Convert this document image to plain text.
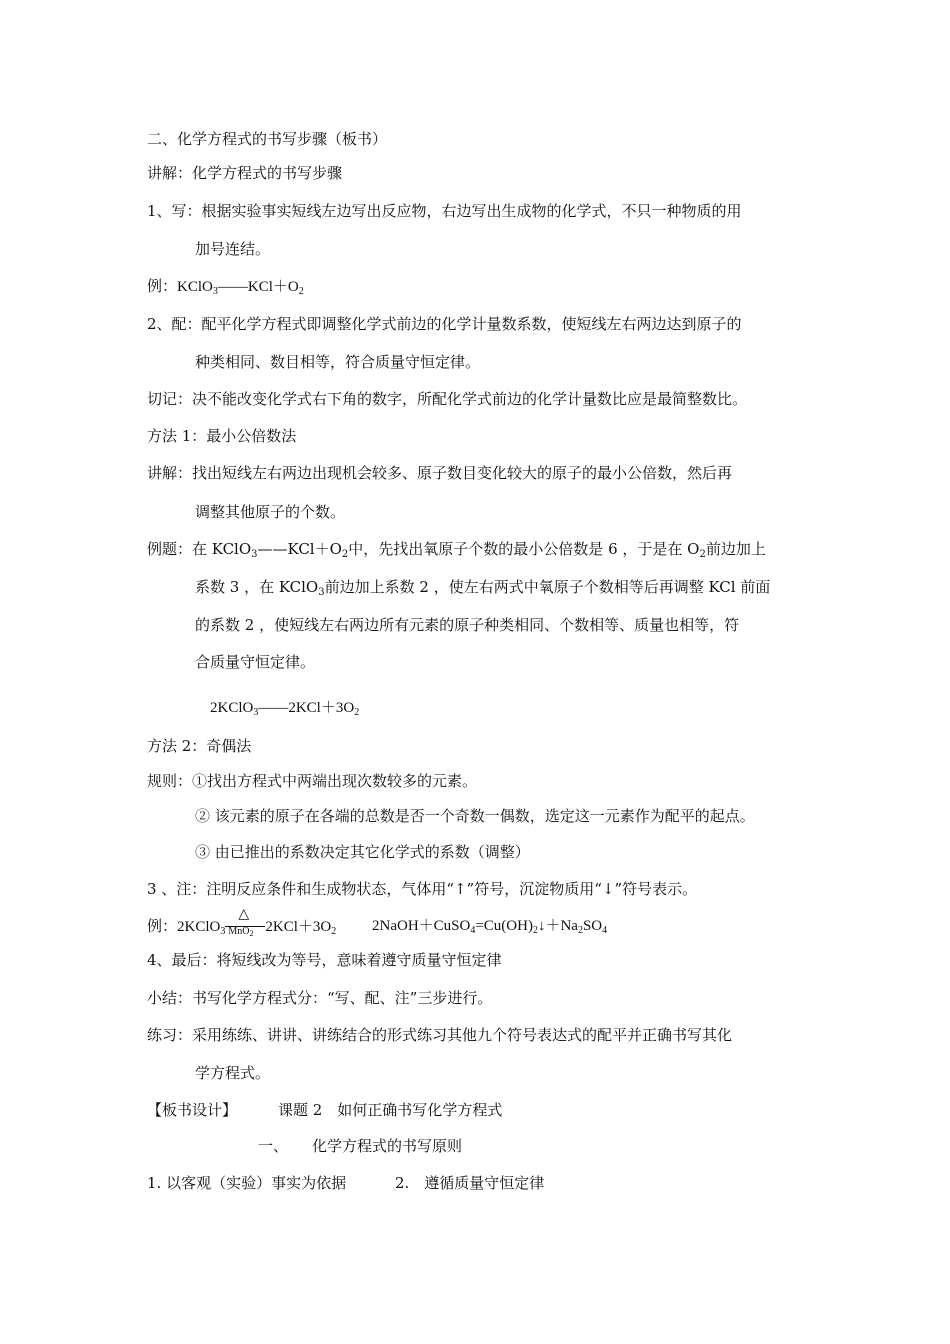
二、化学方程式的书写步骤（板书）
讲解：化学方程式的书写步骤
1、写：根据实验事实短线左边写出反应物，右边写出生成物的化学式，不只一种物质的用
加号连结。
例：$KClO_3——KCl+O_2$
2、配：配平化学方程式即调整化学式前边的化学计量数系数，使短线左右两边达到原子的
种类相同、数目相等，符合质量守恒定律。
切记：决不能改变化学式右下角的数字，所配化学式前边的化学计量数比应是最简整数比。
方法 1：最小公倍数法
讲解：找出短线左右两边出现机会较多、原子数目变化较大的原子的最小公倍数，然后再
调整其他原子的个数。
例题：在 $KClO_3——KCl+O_2$中，先找出氧原子个数的最小公倍数是 6 ，于是在 $O_2$前边加上
系数 3 ，在 KClO$_3$前边加上系数 2 ，使左右两式中氧原子个数相等后再调整 KCl 前面
的系数 2 ，使短线左右两边所有元素的原子种类相同、个数相等、质量也相等，符
合质量守恒定律。
$2KClO_3——2KCl+3O_2$
方法 2：奇偶法
规则：①找出方程式中两端出现次数较多的元素。
② 该元素的原子在各端的总数是否一个奇数一偶数，选定这一元素作为配平的起点。
③ 由已推出的系数决定其它化学式的系数（调整）
3 、注：注明反应条件和生成物状态，气体用“↑”符号，沉淀物质用“↓”符号表示。
例：2KClO$_3$
△
MnO$_2$ $2KCl+3O_2$ $2NaOH+CuSO_4=Cu(OH)_2↓+Na_2SO_4$
4、最后：将短线改为等号，意味着遵守质量守恒定律
小结：书写化学方程式分：“写、配、注”三步进行。
练习：采用练练、讲讲、讲练结合的形式练习其他九个符号表达式的配平并正确书写其化
学方程式。
【板书设计】	课题 2　如何正确书写化学方程式
一、 化学方程式的书写原则
1. 以客观（实验）事实为依据	2.　遵循质量守恒定律
